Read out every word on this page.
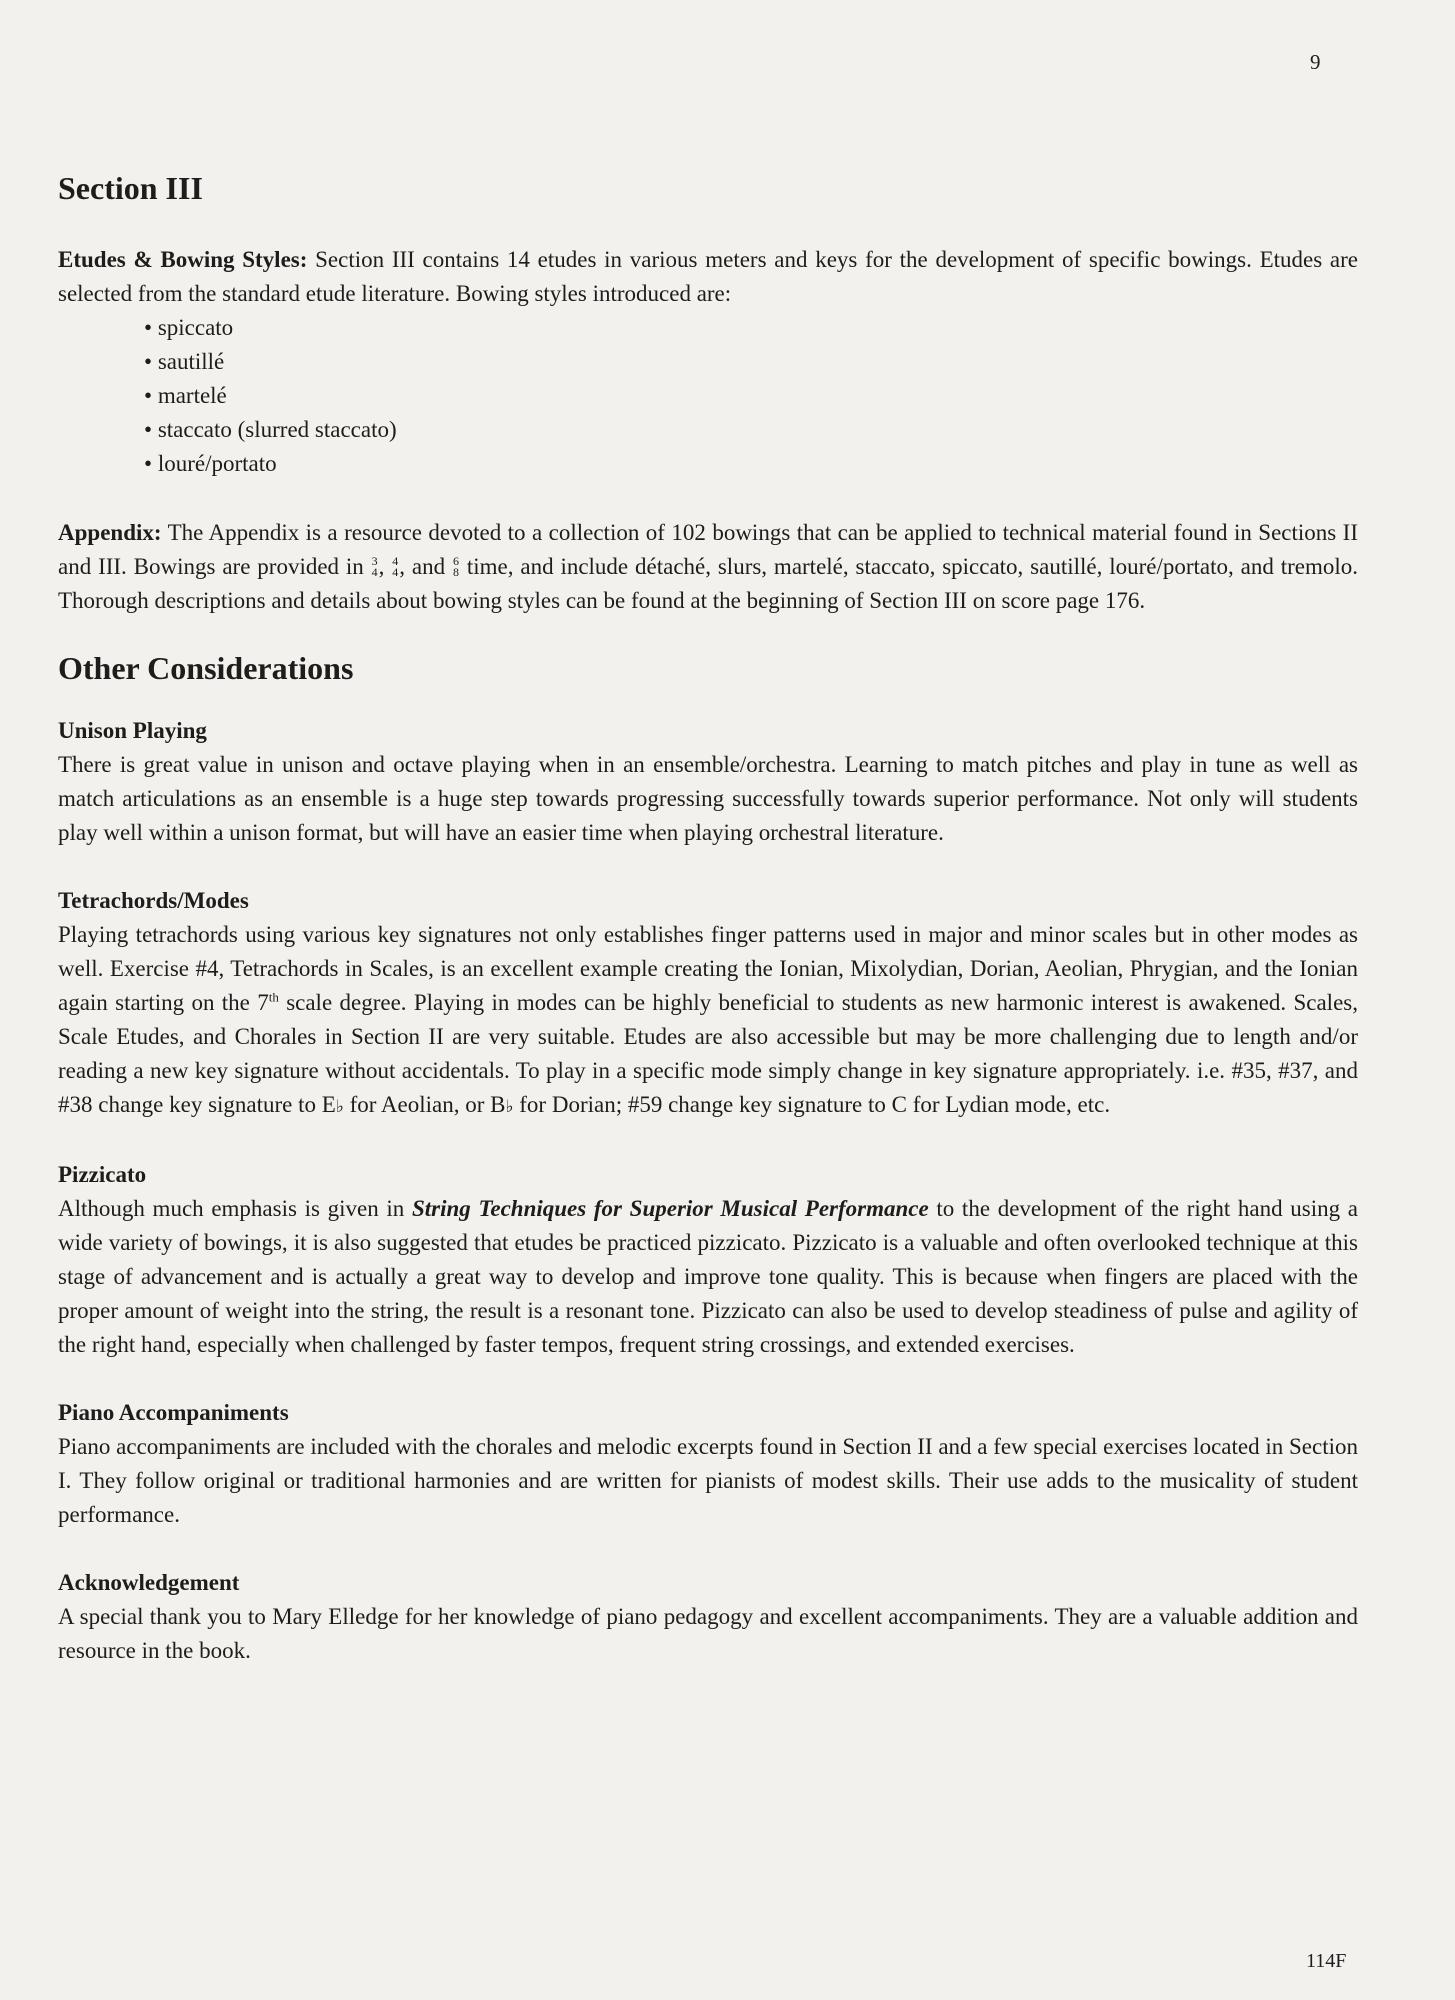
9
Section III

Etudes & Bowing Styles: Section III contains 14 etudes in various meters and keys for the development of specific bowings. Etudes are selected from the standard etude literature. Bowing styles introduced are:

• spiccato
• sautillé
• martelé
• staccato (slurred staccato)
• louré/portato

Appendix: The Appendix is a resource devoted to a collection of 102 bowings that can be applied to technical material found in Sections II and III. Bowings are provided in 3
4 , 4
4 , and 6
8 time, and include détaché, slurs, martelé, staccato, spiccato, sautillé, louré/portato, and tremolo. Thorough descriptions and details about bowing styles can be found at the beginning of Section III on score page 176.

Other Considerations
Unison Playing

There is great value in unison and octave playing when in an ensemble/orchestra. Learning to match pitches and play in tune as well as match articulations as an ensemble is a huge step towards progressing successfully towards superior performance. Not only will students play well within a unison format, but will have an easier time when playing orchestral literature.

Tetrachords/Modes

Playing tetrachords using various key signatures not only establishes finger patterns used in major and minor scales but in other modes as well. Exercise #4, Tetrachords in Scales, is an excellent example creating the Ionian, Mixolydian, Dorian, Aeolian, Phrygian, and the Ionian again starting on the 7th scale degree. Playing in modes can be highly beneficial to students as new harmonic interest is awakened. Scales, Scale Etudes, and Chorales in Section II are very suitable. Etudes are also accessible but may be more challenging due to length and/or reading a new key signature without accidentals. To play in a specific mode simply change in key signature appropriately. i.e. #35, #37, and #38 change key signature to E♭ for Aeolian, or B♭ for Dorian; #59 change key signature to C for Lydian mode, etc.

Pizzicato

Although much emphasis is given in String Techniques for Superior Musical Performance to the development of the right hand using a wide variety of bowings, it is also suggested that etudes be practiced pizzicato. Pizzicato is a valuable and often overlooked technique at this stage of advancement and is actually a great way to develop and improve tone quality. This is because when fingers are placed with the proper amount of weight into the string, the result is a resonant tone. Pizzicato can also be used to develop steadiness of pulse and agility of the right hand, especially when challenged by faster tempos, frequent string crossings, and extended exercises.

Piano Accompaniments

Piano accompaniments are included with the chorales and melodic excerpts found in Section II and a few special exercises located in Section I. They follow original or traditional harmonies and are written for pianists of modest skills. Their use adds to the musicality of student performance.

Acknowledgement

A special thank you to Mary Elledge for her knowledge of piano pedagogy and excellent accompaniments. They are a valuable addition and resource in the book.

114F
